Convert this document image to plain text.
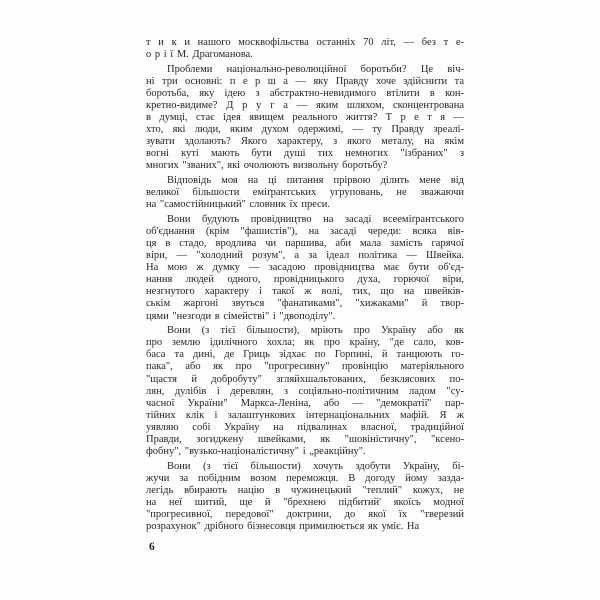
т и к и нашого москвофільства останніх 70 літ, — без т е-
о р і ї М. Драгоманова.

Проблеми національно-революційної боротьби? Це віч-
ні три основні: п е р ш а — яку Правду хоче здійснити та
боротьба, яку ідею з абстрактно-невидимого втілити в кон-
кретно-видиме? Д р у г а — яким шляхом, сконцентрована
в думці, стає ідея явищем реального життя? Т р е т я —
хто, які люди, яким духом одержимі, — ту Правду зреалі-
зувати здолають? Якого характеру, з якого металу, на якім
вогні куті мають бути душі тих немногих "ізбраних" з
многих "званих", які очолюють визвольну боротьбу?

Відповідь моя на ці питання прірвою ділить мене від
великої більшости еміґрантських угруповань, не зважаючи
на "самостійницький" словник їх преси.

Вони будують провідництво на засаді всееміґрантського
об'єднання (крім "фашистів"), на засаді череди: всяка вів-
ця в стадо, вродлива чи паршива, аби мала замість гарячої
віри, — "холодний розум", а за ідеал політика — Швейка.
На мою ж думку — засадою провідництва має бути об'єд-
нання людей одного, провідницького духа, горючої віри,
незгнутого характеру і такої ж волі, тих, що на швейків-
ськім жаргоні звуться "фанатиками", "хижаками" й твор-
цями "незгоди в сімействі" і "двоподілу".

Вони (з тієї більшости), мріють про Україну або як
про землю ідилічного хохла; як про країну, "де сало, ков-
баса та дині, де Гриць зідхає по Горпині, й танцюють го-
пака", або як про "прогресивну" провінцію матеріяльного
"щастя й добробуту" згляйхшальтованих, безклясових по-
лян, дулібів і деревлян, з соціяльно-політичним ладом "су-
часної України" Маркса-Леніна, або — "демократії" пар-
тійних клік і залаштункових інтернаціональних мафій. Я ж
уявляю собі Україну на підвалинах власної, традиційної
Правди, зогиджену швейками, як "шовіністичну", "ксено-
фобну", "вузько-націоналістичну" і „реакційну".

Вони (з тієї більшости) хочуть здобути Україну, бі-
жучи за побідним возом переможця. В догоду йому зазда-
легідь вбирають націю в чужинецький "теплий" кожух, не
на неї шитий, ще й "брехнею підбитий' якоїсь модної
"прогресивної, передової" доктрини, до якої їх "тверезий
розрахунок" дрібного бізнесовця примилюється як уміє. На

6
